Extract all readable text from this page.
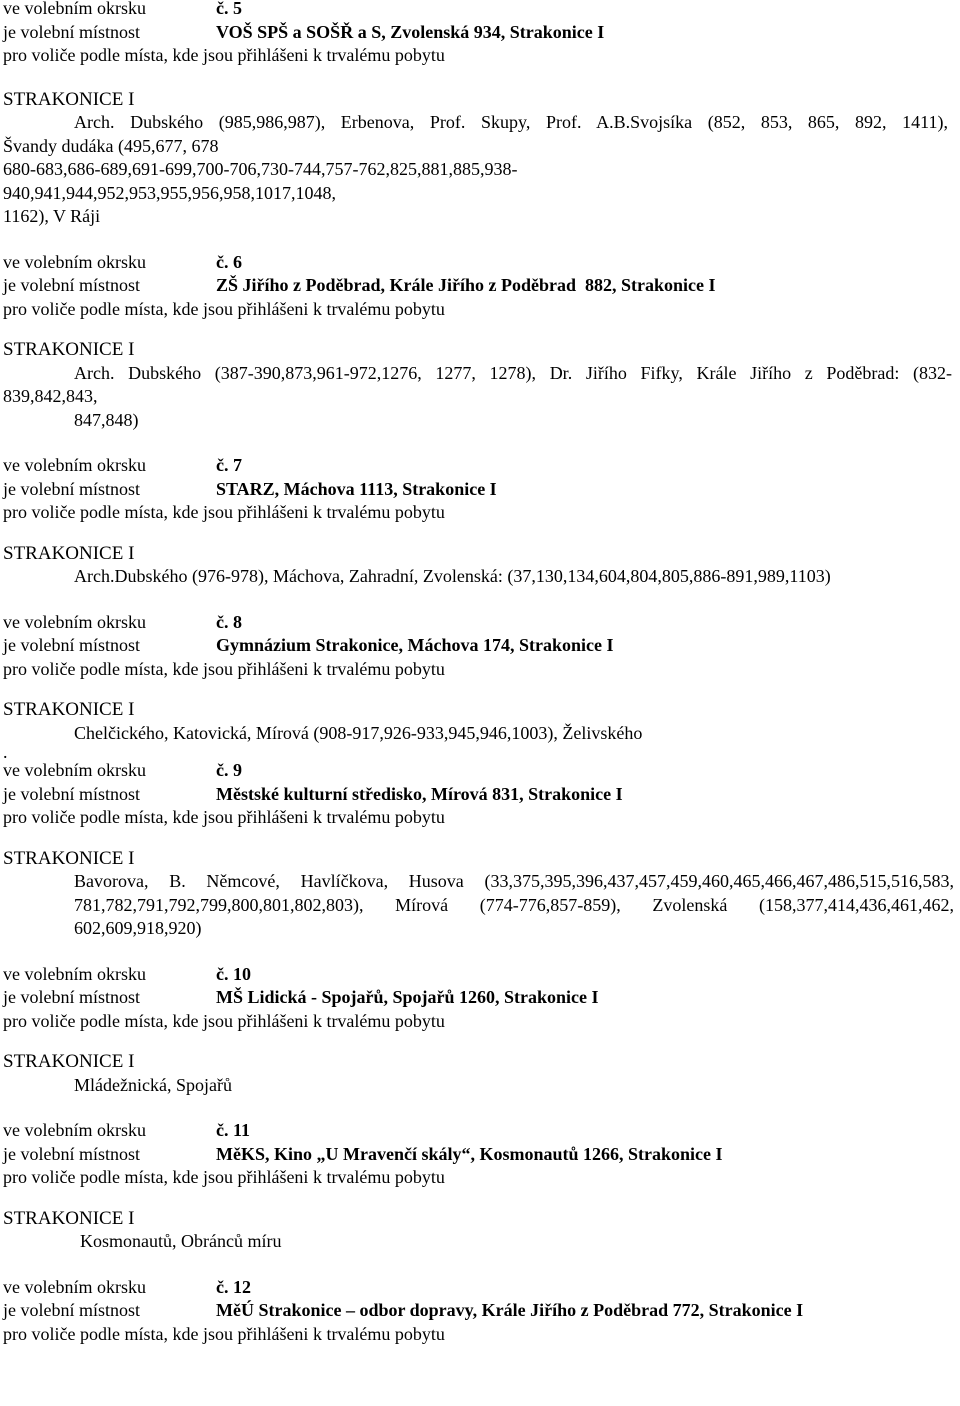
ve volebním okrsku	č. 5
je volební místnost	VOŠ SPŠ a SOŠŘ a S, Zvolenská 934, Strakonice I
pro voliče podle místa, kde jsou přihlášeni k trvalému pobytu
STRAKONICE I
Arch. Dubského (985,986,987), Erbenova, Prof. Skupy, Prof. A.B.Svojsíka (852, 853, 865, 892, 1411),
Švandy dudáka (495,677, 678
680-683,686-689,691-699,700-706,730-744,757-762,825,881,885,938-
940,941,944,952,953,955,956,958,1017,1048,
1162), V Ráji
ve volebním okrsku	č. 6
je volební místnost	ZŠ Jiřího z Poděbrad, Krále Jiřího z Poděbrad  882, Strakonice I
pro voliče podle místa, kde jsou přihlášeni k trvalému pobytu
STRAKONICE I
Arch. Dubského (387-390,873,961-972,1276, 1277, 1278), Dr. Jiřího Fifky, Krále Jiřího z Poděbrad: (832-
839,842,843,
847,848)
ve volebním okrsku	č. 7
je volební místnost	STARZ, Máchova 1113, Strakonice I
pro voliče podle místa, kde jsou přihlášeni k trvalému pobytu
STRAKONICE I
Arch.Dubského (976-978), Máchova, Zahradní, Zvolenská: (37,130,134,604,804,805,886-891,989,1103)
ve volebním okrsku	č. 8
je volební místnost	Gymnázium Strakonice, Máchova 174, Strakonice I
pro voliče podle místa, kde jsou přihlášeni k trvalému pobytu
STRAKONICE I
Chelčického, Katovická, Mírová (908-917,926-933,945,946,1003), Želivského
.
ve volebním okrsku	č. 9
je volební místnost	Městské kulturní středisko, Mírová 831, Strakonice I
pro voliče podle místa, kde jsou přihlášeni k trvalému pobytu
STRAKONICE I
Bavorova, B. Němcové, Havlíčkova, Husova (33,375,395,396,437,457,459,460,465,466,467,486,515,516,583,
781,782,791,792,799,800,801,802,803), Mírová (774-776,857-859), Zvolenská (158,377,414,436,461,462,
602,609,918,920)
ve volebním okrsku	č. 10
je volební místnost	MŠ Lidická - Spojařů, Spojařů 1260, Strakonice I
pro voliče podle místa, kde jsou přihlášeni k trvalému pobytu
STRAKONICE I
Mládežnická, Spojařů
ve volebním okrsku	č. 11
je volební místnost	MěKS, Kino „U Mravenčí skály“, Kosmonautů 1266, Strakonice I
pro voliče podle místa, kde jsou přihlášeni k trvalému pobytu
STRAKONICE I
Kosmonautů, Obránců míru
ve volebním okrsku	č. 12
je volební místnost	MěÚ Strakonice – odbor dopravy, Krále Jiřího z Poděbrad 772, Strakonice I
pro voliče podle místa, kde jsou přihlášeni k trvalému pobytu
